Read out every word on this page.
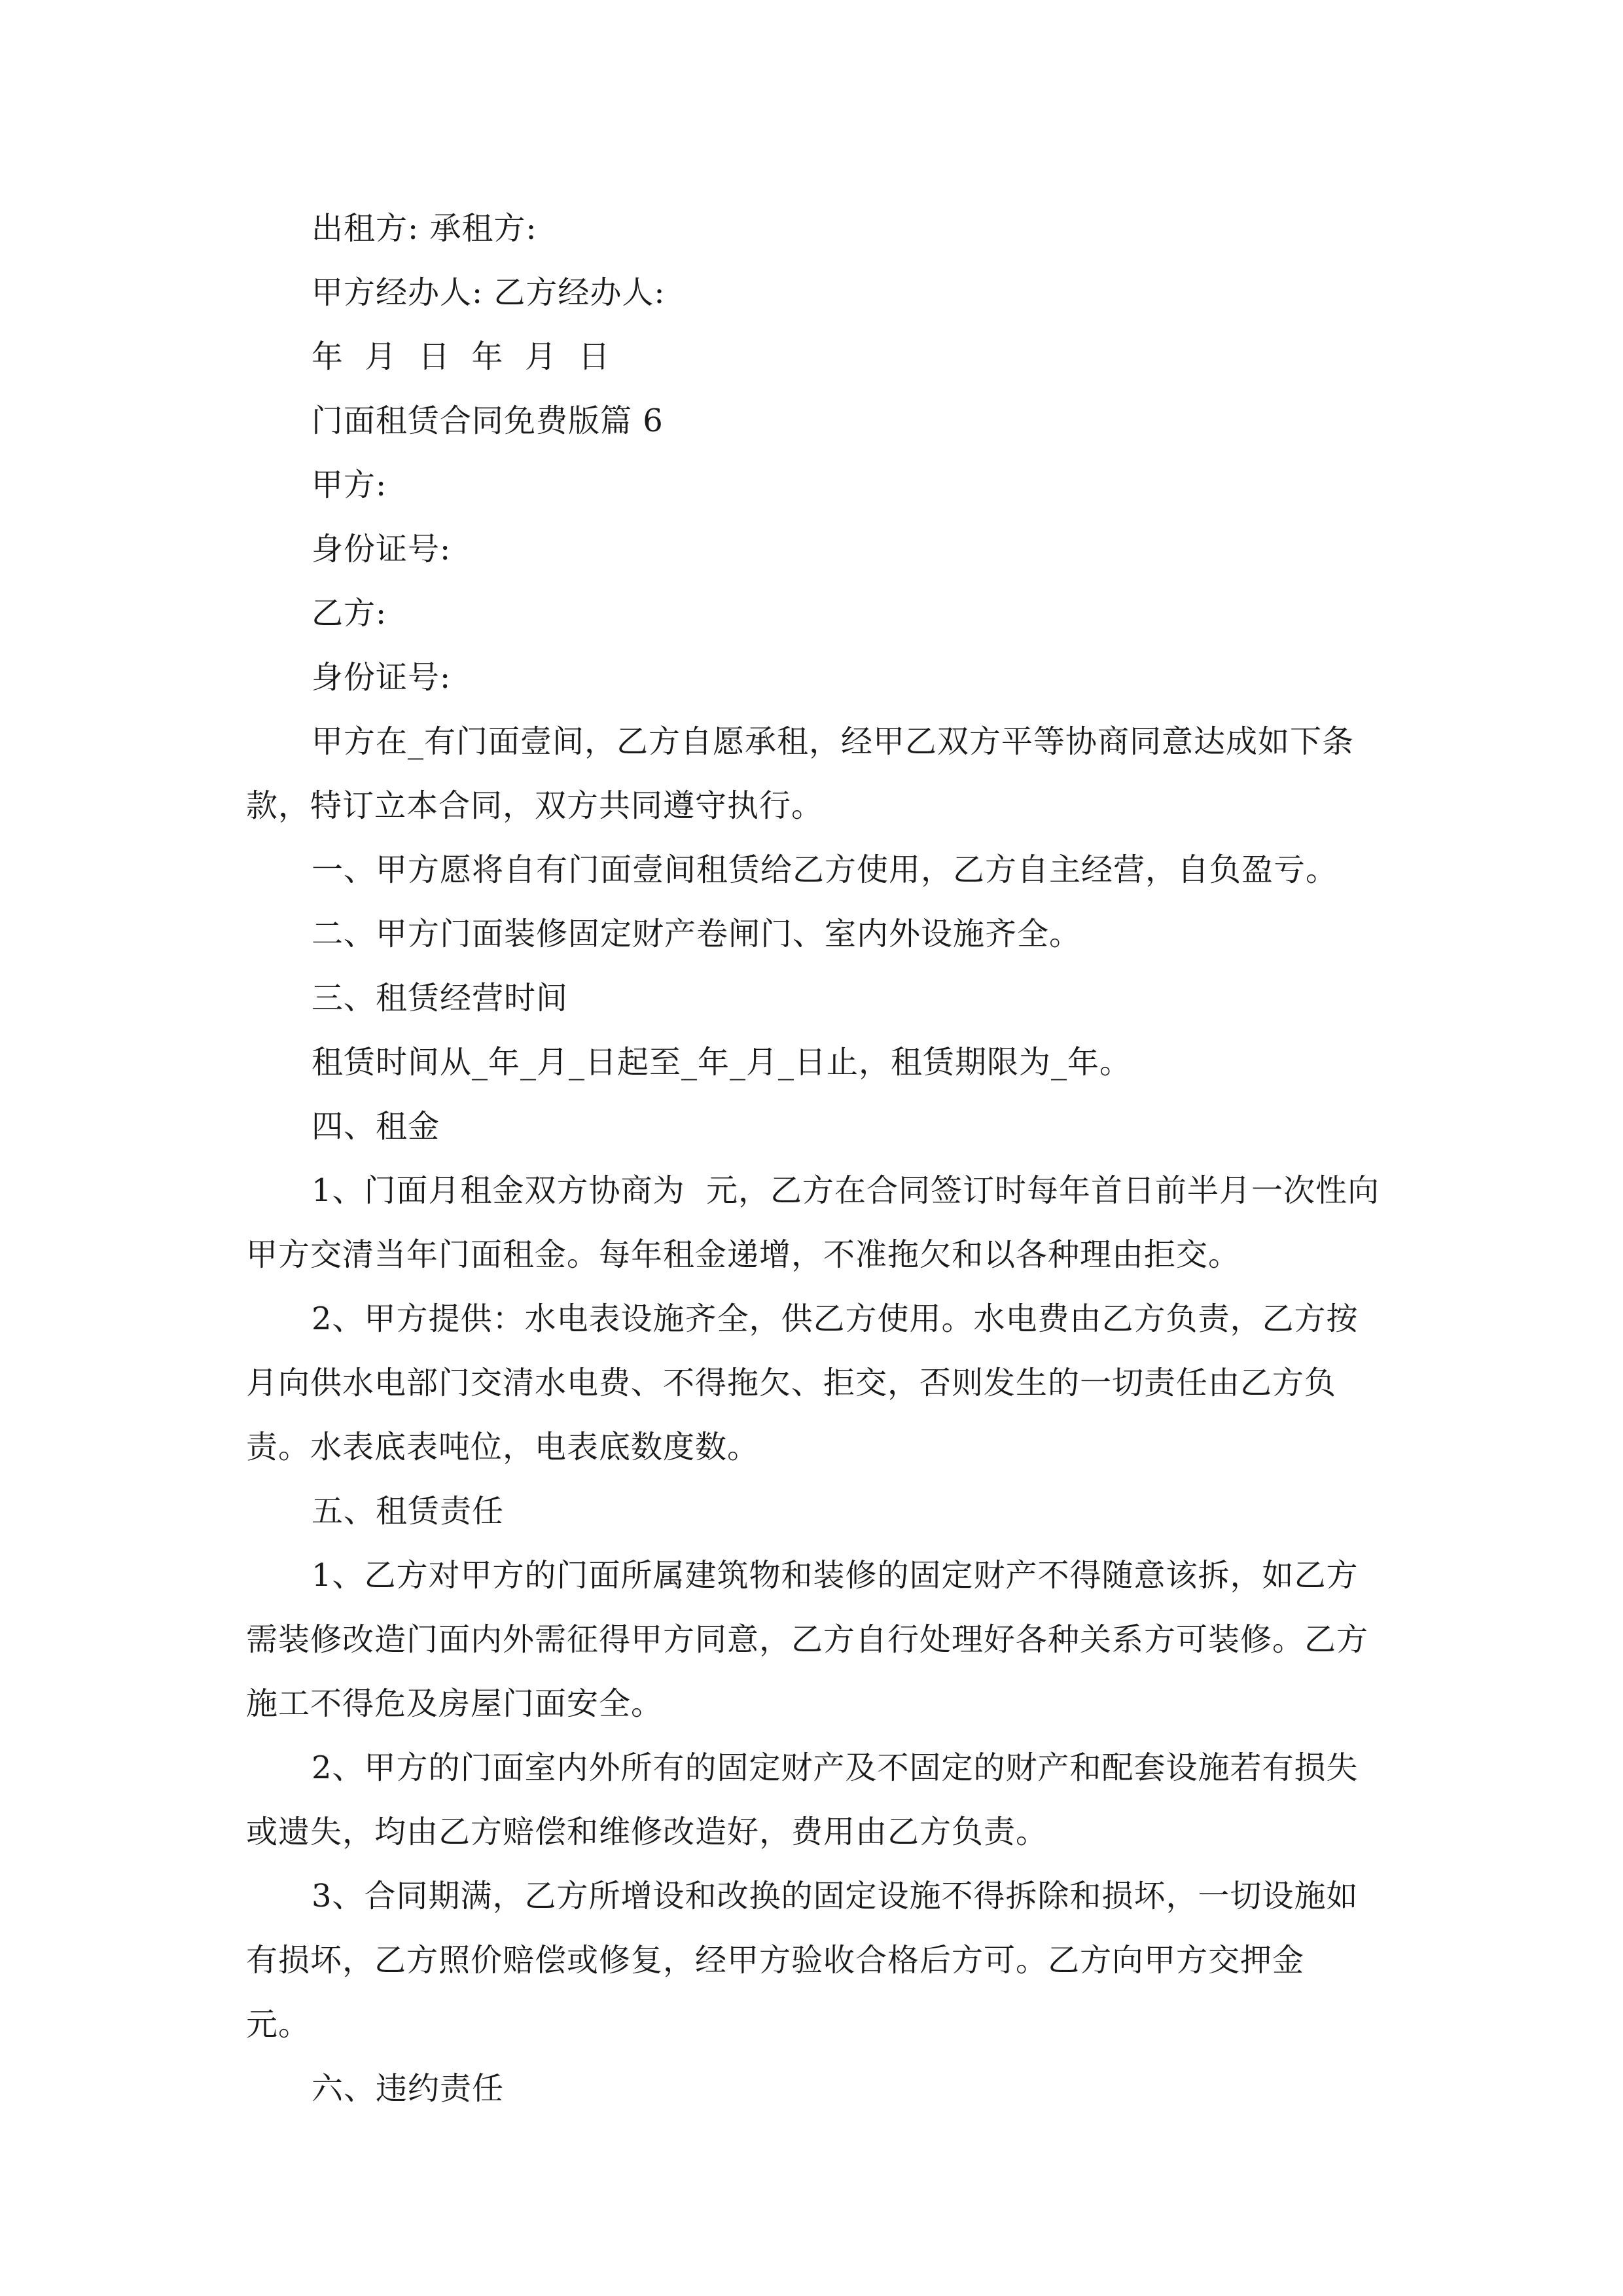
出租方: 承租方:

甲方经办人: 乙方经办人:

年  月  日  年  月  日

门面租赁合同免费版篇 6

甲方:

身份证号:

乙方:

身份证号:

甲方在_有门面壹间，乙方自愿承租，经甲乙双方平等协商同意达成如下条款，特订立本合同，双方共同遵守执行。

一、甲方愿将自有门面壹间租赁给乙方使用，乙方自主经营，自负盈亏。

二、甲方门面装修固定财产卷闸门、室内外设施齐全。

三、租赁经营时间

租赁时间从_年_月_日起至_年_月_日止，租赁期限为_年。

四、租金

1、门面月租金双方协商为  元，乙方在合同签订时每年首日前半月一次性向甲方交清当年门面租金。每年租金递增，不准拖欠和以各种理由拒交。

2、甲方提供：水电表设施齐全，供乙方使用。水电费由乙方负责，乙方按月向供水电部门交清水电费、不得拖欠、拒交，否则发生的一切责任由乙方负责。水表底表吨位，电表底数度数。

五、租赁责任

1、乙方对甲方的门面所属建筑物和装修的固定财产不得随意该拆，如乙方需装修改造门面内外需征得甲方同意，乙方自行处理好各种关系方可装修。乙方施工不得危及房屋门面安全。

2、甲方的门面室内外所有的固定财产及不固定的财产和配套设施若有损失或遗失，均由乙方赔偿和维修改造好，费用由乙方负责。

3、合同期满，乙方所增设和改换的固定设施不得拆除和损坏，一切设施如有损坏，乙方照价赔偿或修复，经甲方验收合格后方可。乙方向甲方交押金  元。

六、违约责任
